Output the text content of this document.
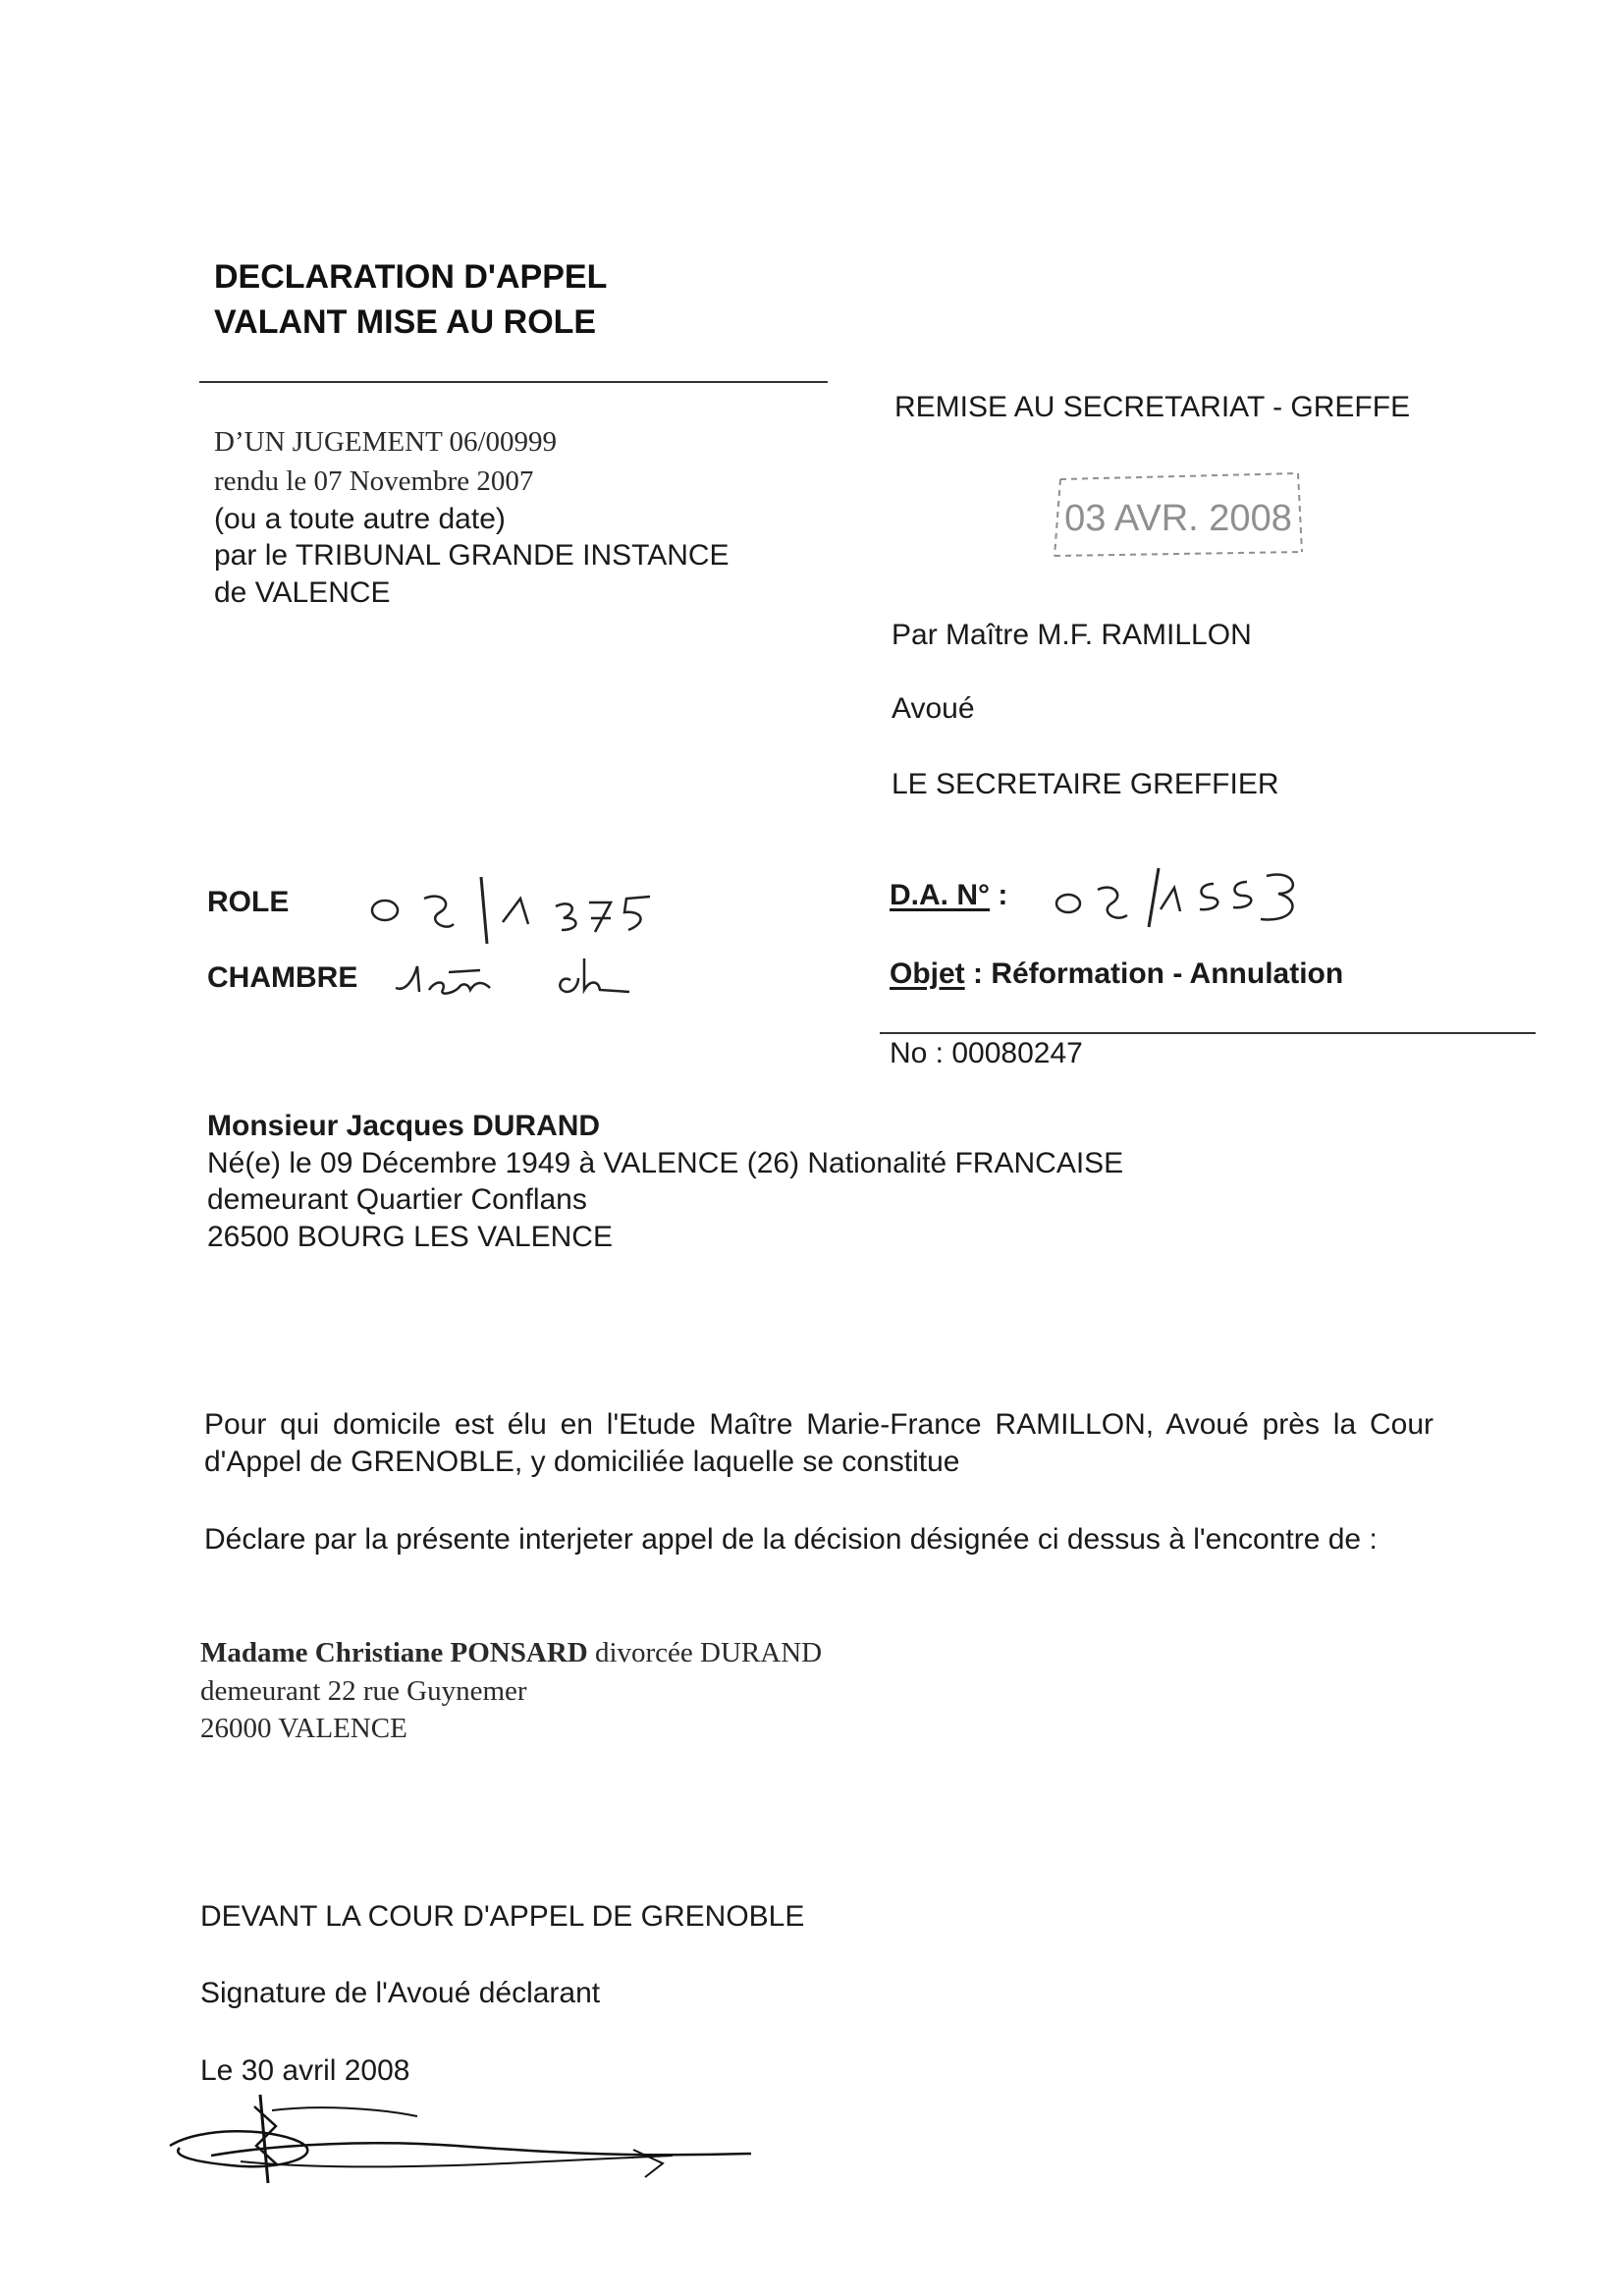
DECLARATION D'APPEL
VALANT MISE AU ROLE
D’UN JUGEMENT 06/00999
rendu le 07 Novembre 2007
(ou a toute autre date)
par le TRIBUNAL GRANDE INSTANCE
de VALENCE
REMISE AU SECRETARIAT - GREFFE
03 AVR. 2008
Par Maître M.F. RAMILLON
Avoué
LE SECRETAIRE GREFFIER
ROLE
CHAMBRE
D.A. N° :
Objet : Réformation - Annulation
No : 00080247
Monsieur Jacques DURAND
Né(e) le 09 Décembre 1949 à VALENCE (26) Nationalité FRANCAISE
demeurant Quartier Conflans
26500 BOURG LES VALENCE
Pour qui domicile est élu en l'Etude Maître Marie-France RAMILLON, Avoué près la Cour d'Appel de GRENOBLE, y domiciliée laquelle se constitue
Déclare par la présente interjeter appel de la décision désignée ci dessus à l'encontre de :
Madame Christiane PONSARD divorcée DURAND
demeurant 22 rue Guynemer
26000 VALENCE
DEVANT LA COUR D'APPEL DE GRENOBLE
Signature de l'Avoué déclarant
Le 30 avril 2008
